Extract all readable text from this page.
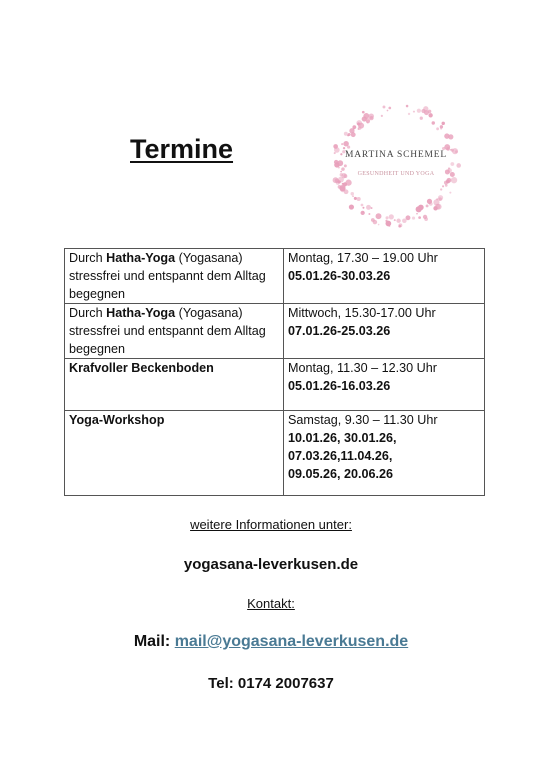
Termine	MARTINA SCHEMEL
GESUNDHEIT UND YOGA
Durch Hatha-Yoga (Yogasana) stressfrei und entspannt dem Alltag begegnen	Montag, 17.30 – 19.00 Uhr
05.01.26-30.03.26

Durch Hatha-Yoga (Yogasana) stressfrei und entspannt dem Alltag begegnen	Mittwoch, 15.30-17.00 Uhr
07.01.26-25.03.26

Krafvoller Beckenboden	Montag, 11.30 – 12.30 Uhr
05.01.26-16.03.26

Yoga-Workshop	Samstag, 9.30 – 11.30 Uhr
10.01.26, 30.01.26,
07.03.26,11.04.26,
09.05.26, 20.06.26
weitere Informationen unter:
yogasana-leverkusen.de
Kontakt:
Mail: mail@yogasana-leverkusen.de
Tel: 0174 2007637
